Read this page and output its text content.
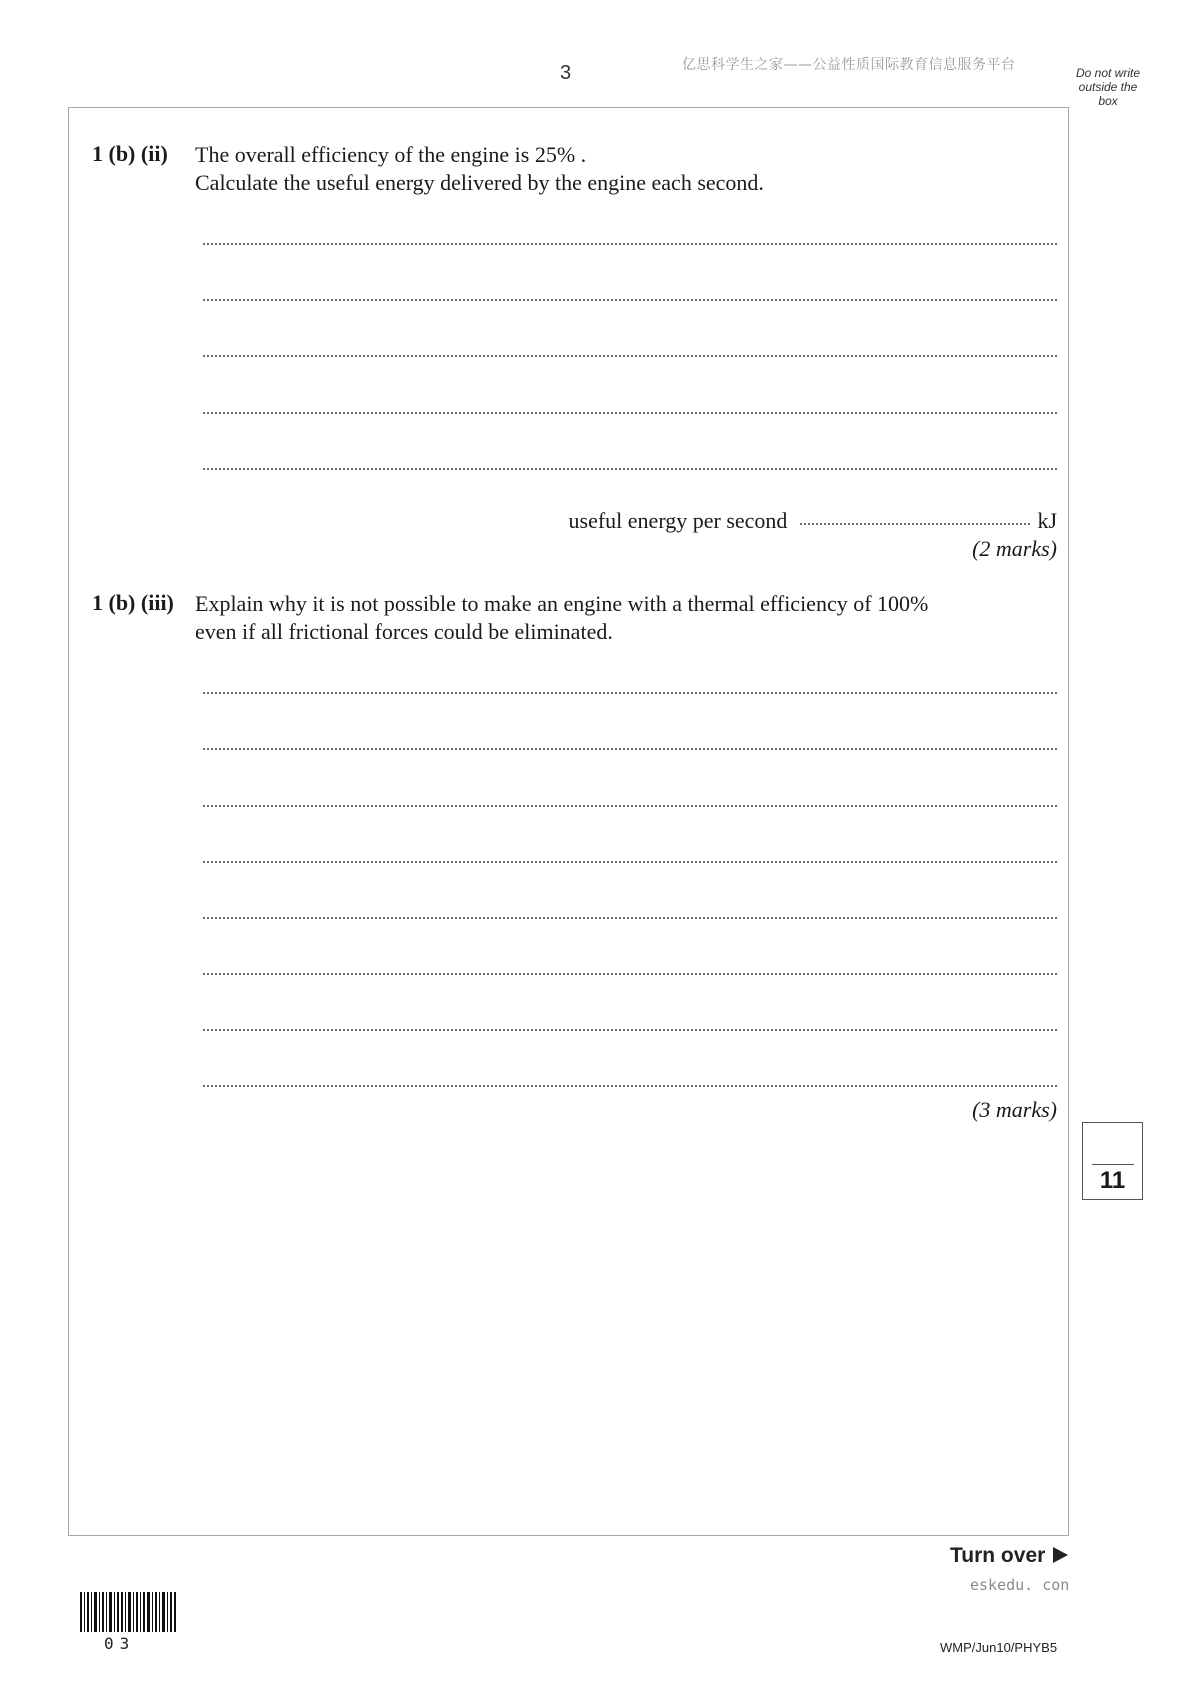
3	亿思科学生之家——公益性质国际教育信息服务平台	Do not write outside the box
1 (b) (ii) The overall efficiency of the engine is 25% .
Calculate the useful energy delivered by the engine each second.
useful energy per second	kJ
(2 marks)
1 (b) (iii) Explain why it is not possible to make an engine with a thermal efficiency of 100%
even if all frictional forces could be eliminated.
(3 marks)
11
Turn over
eskedu. con
03	WMP/Jun10/PHYB5
